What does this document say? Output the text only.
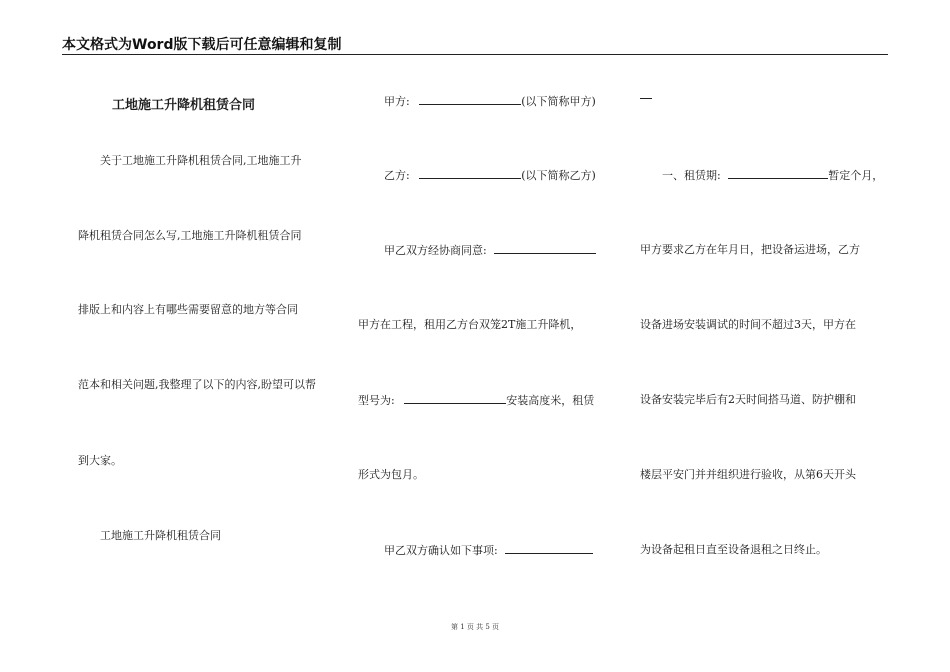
本文格式为Word版下载后可任意编辑和复制
工地施工升降机租赁合同
关于工地施工升降机租赁合同,工地施工升
降机租赁合同怎么写,工地施工升降机租赁合同
排版上和内容上有哪些需要留意的地方等合同
范本和相关问题,我整理了以下的内容,盼望可以帮
到大家。
工地施工升降机租赁合同
甲方:	(以下简称甲方)
乙方:	(以下简称乙方)
甲乙双方经协商同意:
甲方在工程，租用乙方台双笼2T施工升降机，
型号为:	安装高度米，租赁
形式为包月。
甲乙双方确认如下事项:
一、租赁期:	暂定个月，
甲方要求乙方在年月日，把设备运进场，乙方
设备进场安装调试的时间不超过3天，甲方在
设备安装完毕后有2天时间搭马道、防护棚和
楼层平安门并并组织进行验收，从第6天开头
为设备起租日直至设备退租之日终止。
第 1 页 共 5 页
